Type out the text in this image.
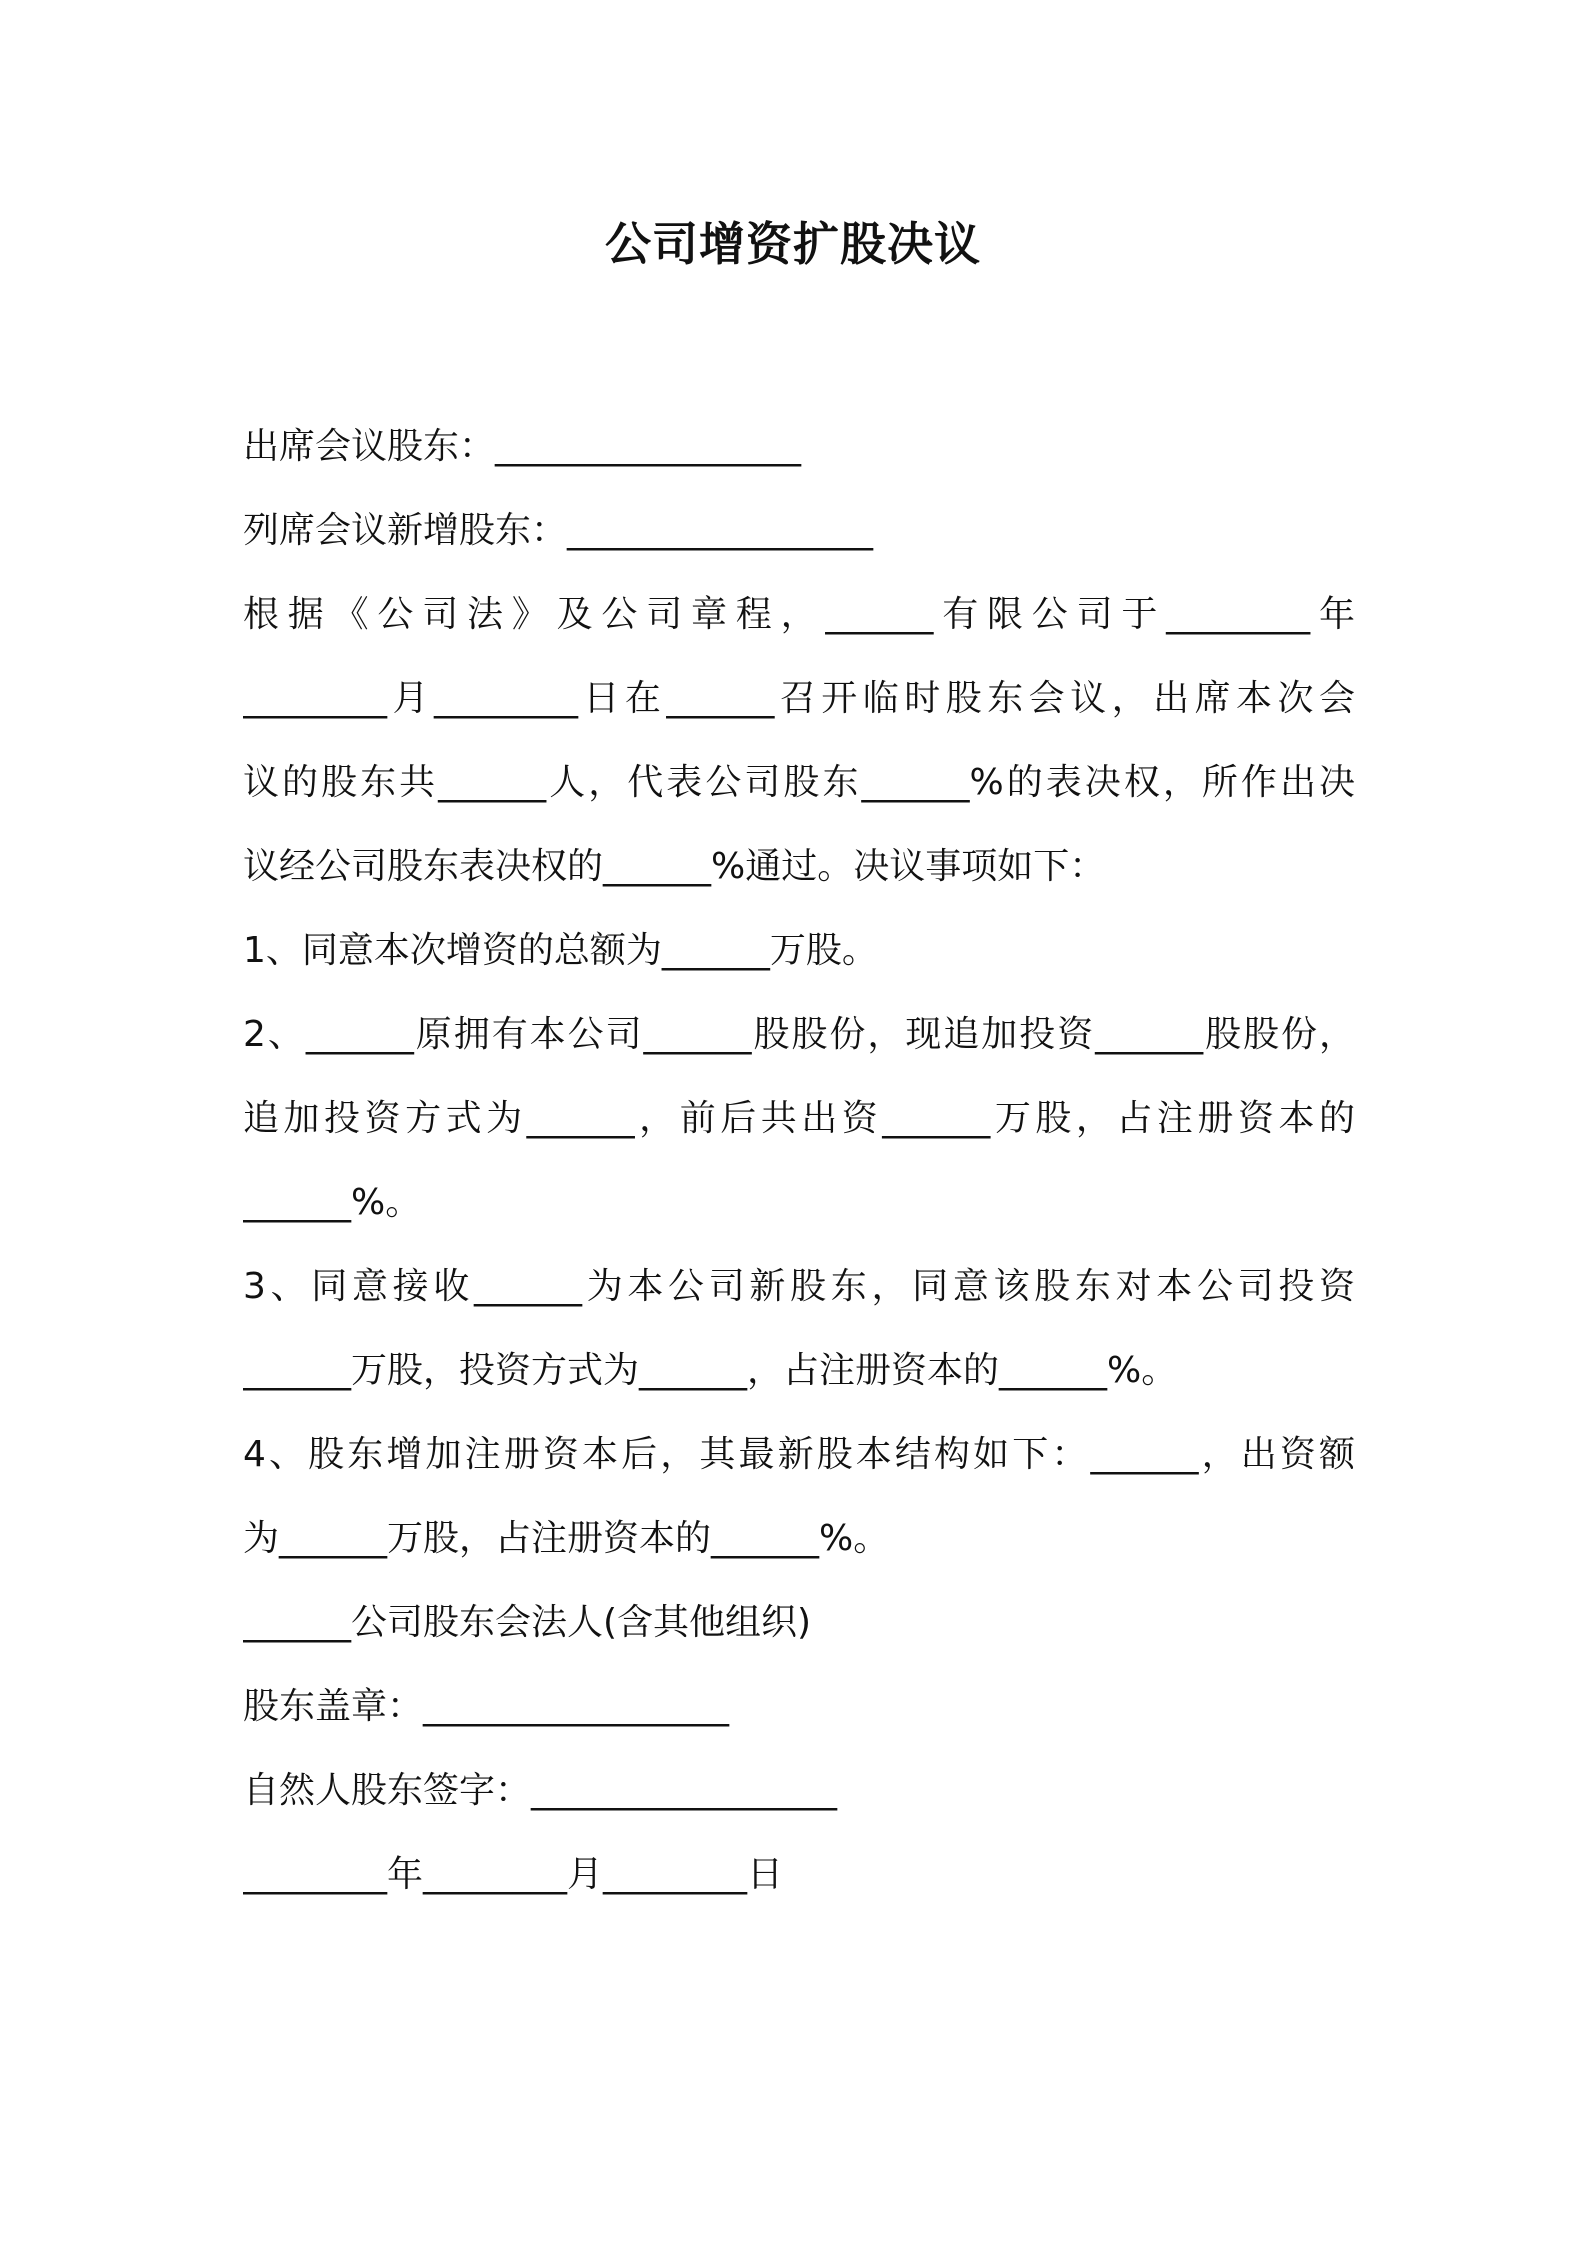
公司增资扩股决议
出席会议股东：_________________
列席会议新增股东：_________________
根据《公司法》及公司章程，______有限公司于________年
________月________日在______召开临时股东会议，出席本次会
议的股东共______人，代表公司股东______%的表决权，所作出决
议经公司股东表决权的______%通过。决议事项如下：
1、同意本次增资的总额为______万股。
2、______原拥有本公司______股股份，现追加投资______股股份，
追加投资方式为______，前后共出资______万股，占注册资本的
______%。
3、同意接收______为本公司新股东，同意该股东对本公司投资
______万股，投资方式为______，占注册资本的______%。
4、股东增加注册资本后，其最新股本结构如下：______，出资额
为______万股，占注册资本的______%。
______公司股东会法人(含其他组织)
股东盖章：_________________
自然人股东签字：_________________
________年________月________日
